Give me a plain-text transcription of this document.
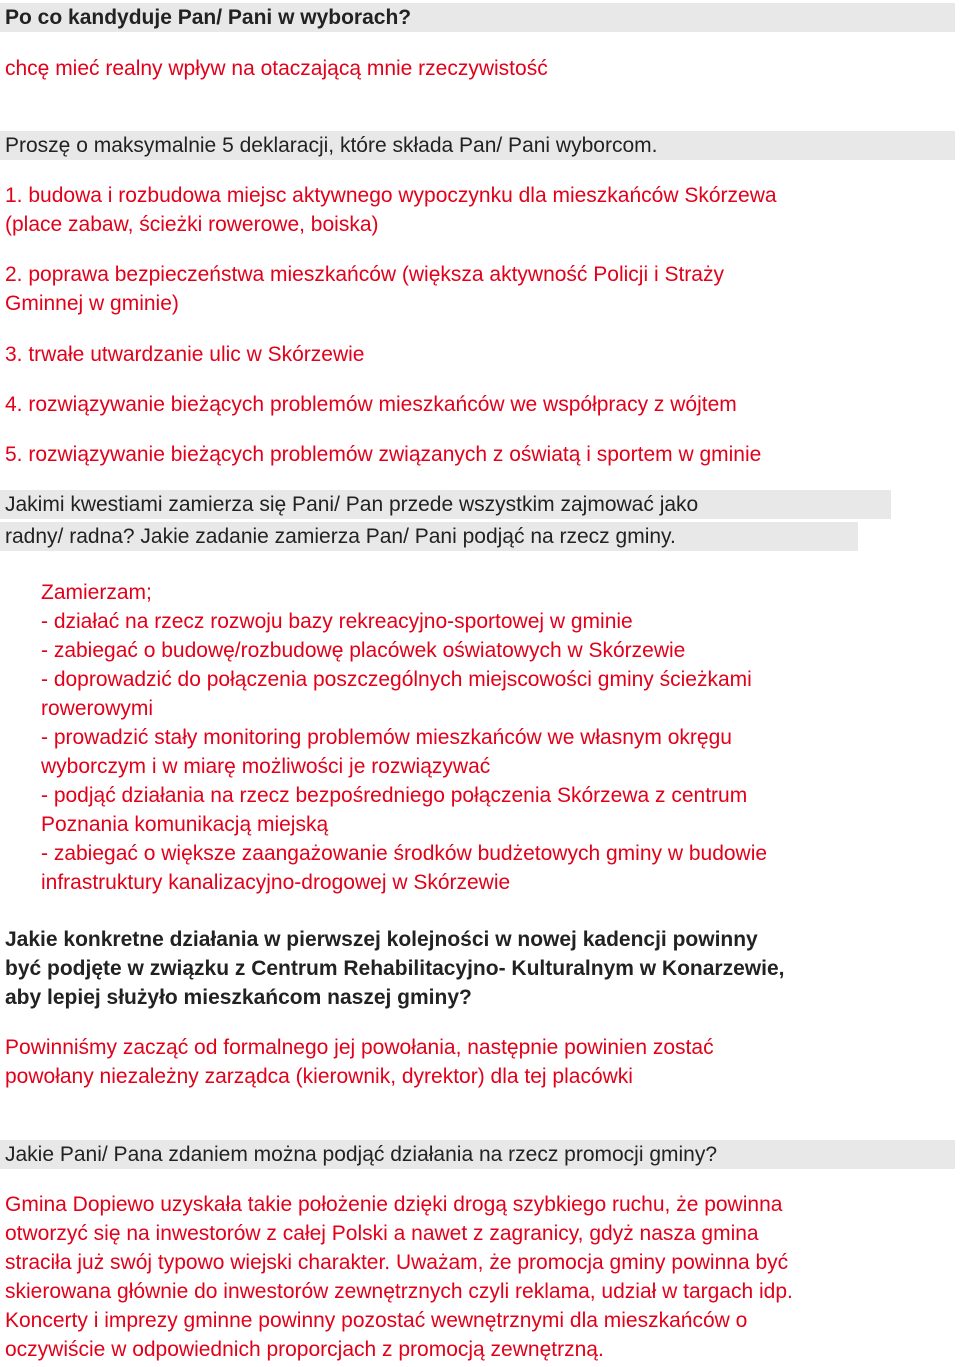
Po co kandyduje Pan/ Pani w wyborach?
chcę mieć realny wpływ na otaczającą mnie rzeczywistość
Proszę o maksymalnie 5 deklaracji, które składa Pan/ Pani wyborcom.
1. budowa i rozbudowa miejsc aktywnego wypoczynku dla mieszkańców Skórzewa
(place zabaw, ścieżki rowerowe, boiska)
2. poprawa bezpieczeństwa mieszkańców (większa aktywność Policji i Straży
Gminnej w gminie)
3. trwałe utwardzanie ulic w Skórzewie
4. rozwiązywanie bieżących problemów mieszkańców we współpracy z wójtem
5. rozwiązywanie bieżących problemów związanych z oświatą i sportem w gminie
Jakimi kwestiami zamierza się Pani/ Pan przede wszystkim zajmować jako
radny/ radna? Jakie zadanie zamierza Pan/ Pani podjąć na rzecz gminy.
Zamierzam;
- działać na rzecz rozwoju bazy rekreacyjno-sportowej w gminie
- zabiegać o budowę/rozbudowę placówek oświatowych w Skórzewie
- doprowadzić do połączenia poszczególnych miejscowości gminy ścieżkami
rowerowymi
- prowadzić stały monitoring problemów mieszkańców we własnym okręgu
wyborczym i w miarę możliwości je rozwiązywać
- podjąć działania na rzecz bezpośredniego połączenia Skórzewa z centrum
Poznania komunikacją miejską
- zabiegać o większe zaangażowanie środków budżetowych gminy w budowie
infrastruktury kanalizacyjno-drogowej w Skórzewie
Jakie konkretne działania w pierwszej kolejności w nowej kadencji powinny
być podjęte w związku z Centrum Rehabilitacyjno- Kulturalnym w Konarzewie,
aby lepiej służyło mieszkańcom naszej gminy?
Powinniśmy zacząć od formalnego jej powołania, następnie powinien zostać
powołany niezależny zarządca (kierownik, dyrektor) dla tej placówki
Jakie Pani/ Pana zdaniem można podjąć działania na rzecz promocji gminy?
Gmina Dopiewo uzyskała takie położenie dzięki drogą szybkiego ruchu, że powinna
otworzyć się na inwestorów z całej Polski a nawet z zagranicy, gdyż nasza gmina
straciła już swój typowo wiejski charakter. Uważam, że promocja gminy powinna być
skierowana głównie do inwestorów zewnętrznych czyli reklama, udział w targach idp.
Koncerty i imprezy gminne powinny pozostać wewnętrznymi dla mieszkańców o
oczywiście w odpowiednich proporcjach z promocją zewnętrzną.
